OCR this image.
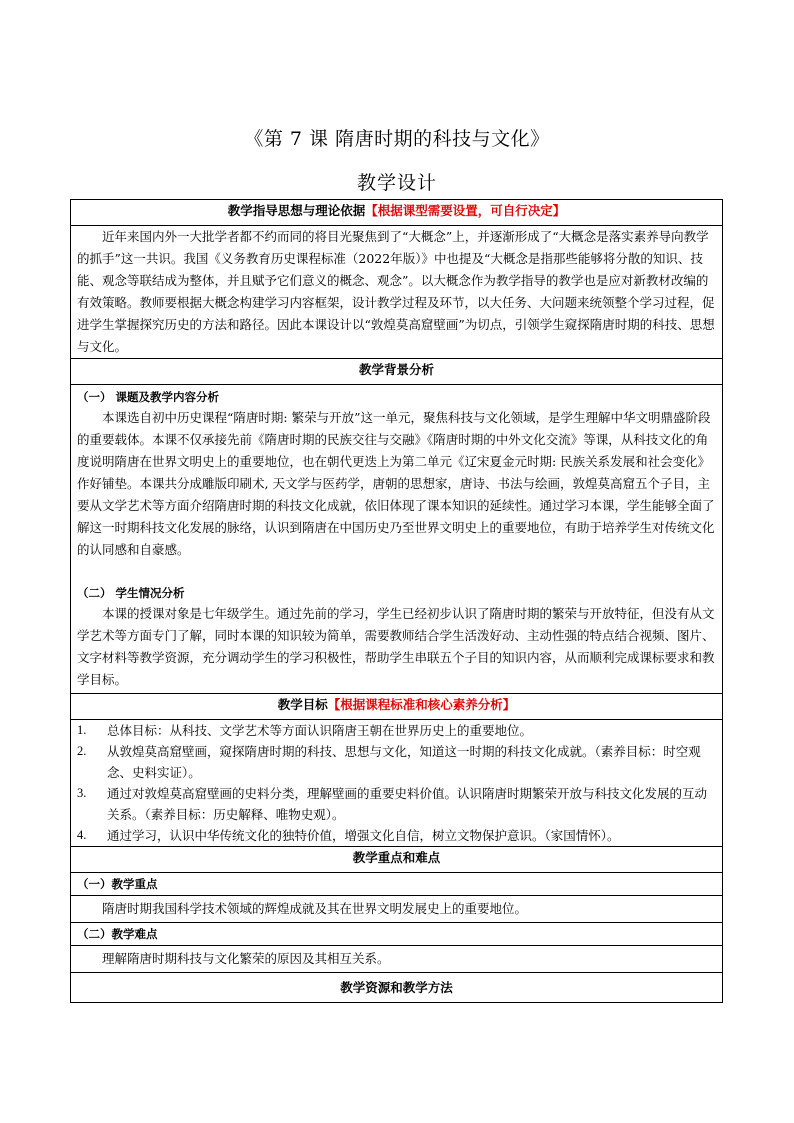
《第 7 课 隋唐时期的科技与文化》
教学设计
教学指导思想与理论依据【根据课型需要设置，可自行决定】

近年来国内外一大批学者都不约而同的将目光聚焦到了“大概念”上，并逐渐形成了“大概念是落实素养导向教学的抓手”这一共识。我国《义务教育历史课程标准（2022年版）》中也提及“大概念是指那些能够将分散的知识、技能、观念等联结成为整体，并且赋予它们意义的概念、观念”。以大概念作为教学指导的教学也是应对新教材改编的有效策略。教师要根据大概念构建学习内容框架，设计教学过程及环节，以大任务、大问题来统领整个学习过程，促进学生掌握探究历史的方法和路径。因此本课设计以“敦煌莫高窟壁画”为切点，引领学生窥探隋唐时期的科技、思想与文化。

教学背景分析

（一） 课题及教学内容分析

本课选自初中历史课程“隋唐时期: 繁荣与开放”这一单元，聚焦科技与文化领域，是学生理解中华文明鼎盛阶段的重要载体。本课不仅承接先前《隋唐时期的民族交往与交融》《隋唐时期的中外文化交流》等课，从科技文化的角度说明隋唐在世界文明史上的重要地位，也在朝代更迭上为第二单元《辽宋夏金元时期: 民族关系发展和社会变化》作好铺垫。本课共分成雕版印刷术, 天文学与医药学，唐朝的思想家，唐诗、书法与绘画，敦煌莫高窟五个子目，主要从文学艺术等方面介绍隋唐时期的科技文化成就，依旧体现了课本知识的延续性。通过学习本课，学生能够全面了解这一时期科技文化发展的脉络，认识到隋唐在中国历史乃至世界文明史上的重要地位，有助于培养学生对传统文化的认同感和自豪感。

（二） 学生情况分析

本课的授课对象是七年级学生。通过先前的学习，学生已经初步认识了隋唐时期的繁荣与开放特征，但没有从文学艺术等方面专门了解，同时本课的知识较为简单，需要教师结合学生活泼好动、主动性强的特点结合视频、图片、文字材料等教学资源，充分调动学生的学习积极性，帮助学生串联五个子目的知识内容，从而顺利完成课标要求和教学目标。

教学目标【根据课程标准和核心素养分析】

1.	总体目标：从科技、文学艺术等方面认识隋唐王朝在世界历史上的重要地位。
2.	从敦煌莫高窟壁画，窥探隋唐时期的科技、思想与文化，知道这一时期的科技文化成就。（素养目标：时空观念、史料实证）。
3.	通过对敦煌莫高窟壁画的史料分类，理解壁画的重要史料价值。认识隋唐时期繁荣开放与科技文化发展的互动关系。（素养目标：历史解释、唯物史观）。
4.	通过学习，认识中华传统文化的独特价值，增强文化自信，树立文物保护意识。（家国情怀）。

教学重点和难点

（一）教学重点

隋唐时期我国科学技术领域的辉煌成就及其在世界文明发展史上的重要地位。

（二）教学难点

理解隋唐时期科技与文化繁荣的原因及其相互关系。

教学资源和教学方法
